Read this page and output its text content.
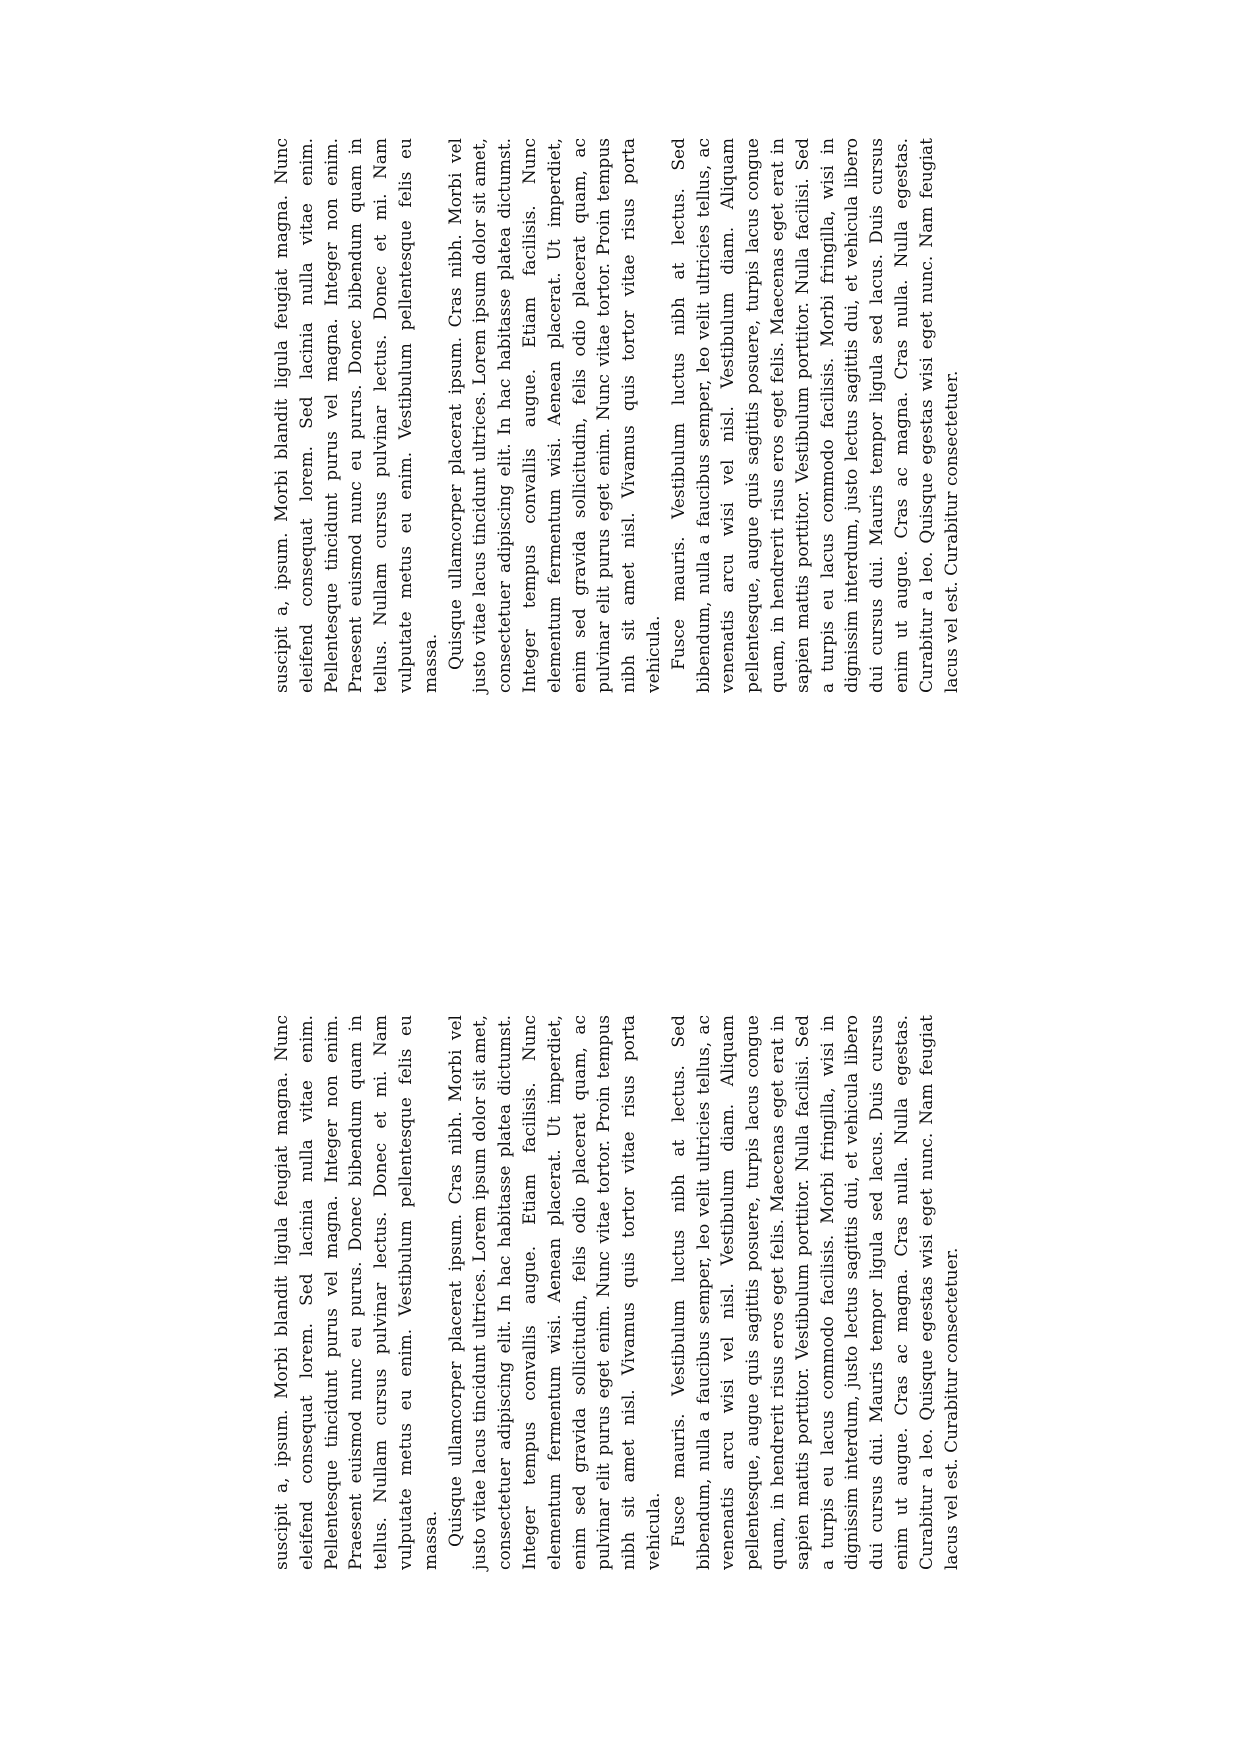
suscipit a, ipsum. Morbi blandit ligula feugiat magna. Nunc eleifend consequat lorem. Sed lacinia nulla vitae enim. Pellentesque tincidunt purus vel magna. Integer non enim. Praesent euismod nunc eu purus. Donec bibendum quam in tellus. Nullam cursus pulvinar lectus. Donec et mi. Nam vulputate metus eu enim. Vestibulum pellentesque felis eu massa. Quisque ullamcorper placerat ipsum. Cras nibh. Morbi vel justo vitae lacus tincidunt ultrices. Lorem ipsum dolor sit amet, consectetuer adipiscing elit. In hac habitasse platea dictumst. Integer tempus convallis augue. Etiam facilisis. Nunc elementum fermentum wisi. Aenean placerat. Ut imperdiet, enim sed gravida sollicitudin, felis odio placerat quam, ac pulvinar elit purus eget enim. Nunc vitae tortor. Proin tempus nibh sit amet nisl. Vivamus quis tortor vitae risus porta vehicula. Fusce mauris. Vestibulum luctus nibh at lectus. Sed bibendum, nulla a faucibus semper, leo velit ultricies tellus, ac venenatis arcu wisi vel nisl. Vestibulum diam. Aliquam pellentesque, augue quis sagittis posuere, turpis lacus congue quam, in hendrerit risus eros eget felis. Maecenas eget erat in sapien mattis porttitor. Vestibulum porttitor. Nulla facilisi. Sed a turpis eu lacus commodo facilisis. Morbi fringilla, wisi in dignissim interdum, justo lectus sagittis dui, et vehicula libero dui cursus dui. Mauris tempor ligula sed lacus. Duis cursus enim ut augue. Cras ac magna. Cras nulla. Nulla egestas. Curabitur a leo. Quisque egestas wisi eget nunc. Nam feugiat lacus vel est. Curabitur consectetuer.

suscipit a, ipsum. Morbi blandit ligula feugiat magna. Nunc eleifend consequat lorem. Sed lacinia nulla vitae enim. Pellentesque tincidunt purus vel magna. Integer non enim. Praesent euismod nunc eu purus. Donec bibendum quam in tellus. Nullam cursus pulvinar lectus. Donec et mi. Nam vulputate metus eu enim. Vestibulum pellentesque felis eu massa. Quisque ullamcorper placerat ipsum. Cras nibh. Morbi vel justo vitae lacus tincidunt ultrices. Lorem ipsum dolor sit amet, consectetuer adipiscing elit. In hac habitasse platea dictumst. Integer tempus convallis augue. Etiam facilisis. Nunc elementum fermentum wisi. Aenean placerat. Ut imperdiet, enim sed gravida sollicitudin, felis odio placerat quam, ac pulvinar elit purus eget enim. Nunc vitae tortor. Proin tempus nibh sit amet nisl. Vivamus quis tortor vitae risus porta vehicula. Fusce mauris. Vestibulum luctus nibh at lectus. Sed bibendum, nulla a faucibus semper, leo velit ultricies tellus, ac venenatis arcu wisi vel nisl. Vestibulum diam. Aliquam pellentesque, augue quis sagittis posuere, turpis lacus congue quam, in hendrerit risus eros eget felis. Maecenas eget erat in sapien mattis porttitor. Vestibulum porttitor. Nulla facilisi. Sed a turpis eu lacus commodo facilisis. Morbi fringilla, wisi in dignissim interdum, justo lectus sagittis dui, et vehicula libero dui cursus dui. Mauris tempor ligula sed lacus. Duis cursus enim ut augue. Cras ac magna. Cras nulla. Nulla egestas. Curabitur a leo. Quisque egestas wisi eget nunc. Nam feugiat lacus vel est. Curabitur consectetuer.
